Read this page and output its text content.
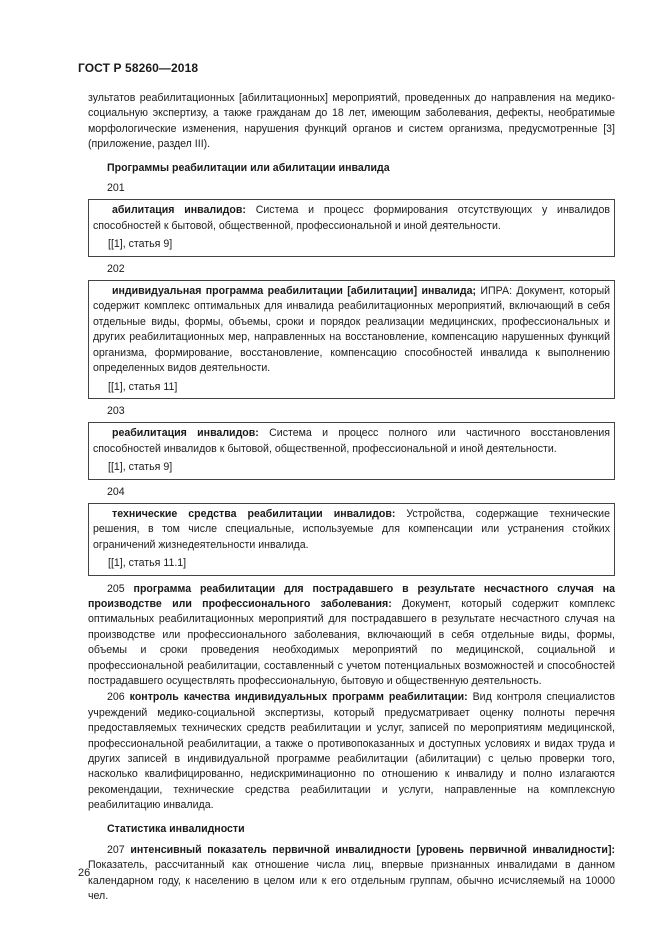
ГОСТ Р 58260—2018

зультатов реабилитационных [абилитационных] мероприятий, проведенных до направления на медико-социальную экспертизу, а также гражданам до 18 лет, имеющим заболевания, дефекты, необратимые морфологические изменения, нарушения функций органов и систем организма, предусмотренные [3] (приложение, раздел III).

Программы реабилитации или абилитации инвалида

201

абилитация инвалидов: Система и процесс формирования отсутствующих у инвалидов способностей к бытовой, общественной, профессиональной и иной деятельности.

[[1], статья 9]

202

индивидуальная программа реабилитации [абилитации] инвалида; ИПРА: Документ, который содержит комплекс оптимальных для инвалида реабилитационных мероприятий, включающий в себя отдельные виды, формы, объемы, сроки и порядок реализации медицинских, профессиональных и других реабилитационных мер, направленных на восстановление, компенсацию нарушенных функций организма, формирование, восстановление, компенсацию способностей инвалида к выполнению определенных видов деятельности.

[[1], статья 11]

203

реабилитация инвалидов: Система и процесс полного или частичного восстановления способностей инвалидов к бытовой, общественной, профессиональной и иной деятельности.

[[1], статья 9]

204

технические средства реабилитации инвалидов: Устройства, содержащие технические решения, в том числе специальные, используемые для компенсации или устранения стойких ограничений жизнедеятельности инвалида.

[[1], статья 11.1]

205 программа реабилитации для пострадавшего в результате несчастного случая на производстве или профессионального заболевания: Документ, который содержит комплекс оптимальных реабилитационных мероприятий для пострадавшего в результате несчастного случая на производстве или профессионального заболевания, включающий в себя отдельные виды, формы, объемы и сроки проведения необходимых мероприятий по медицинской, социальной и профессиональной реабилитации, составленный с учетом потенциальных возможностей и способностей пострадавшего осуществлять профессиональную, бытовую и общественную деятельность.

206 контроль качества индивидуальных программ реабилитации: Вид контроля специалистов учреждений медико-социальной экспертизы, который предусматривает оценку полноты перечня предоставляемых технических средств реабилитации и услуг, записей по мероприятиям медицинской, профессиональной реабилитации, а также о противопоказанных и доступных условиях и видах труда и других записей в индивидуальной программе реабилитации (абилитации) с целью проверки того, насколько квалифицированно, недискриминационно по отношению к инвалиду и полно излагаются рекомендации, технические средства реабилитации и услуги, направленные на комплексную реабилитацию инвалида.

Статистика инвалидности

207 интенсивный показатель первичной инвалидности [уровень первичной инвалидности]: Показатель, рассчитанный как отношение числа лиц, впервые признанных инвалидами в данном календарном году, к населению в целом или к его отдельным группам, обычно исчисляемый на 10000 чел.

26
